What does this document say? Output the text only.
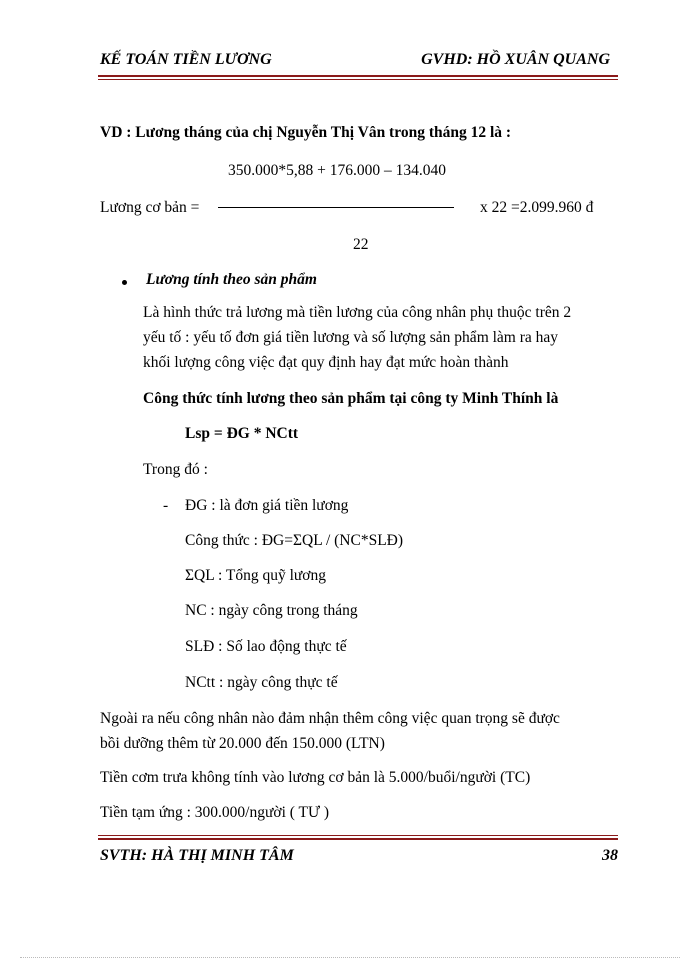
KẾ TOÁN TIỀN LƯƠNG	GVHD: HỒ XUÂN QUANG
VD : Lương tháng của chị Nguyễn Thị Vân trong tháng 12 là :
350.000*5,88 + 176.000 – 134.040
Lương cơ bản =	x 22 =2.099.960 đ
22
Lương tính theo sản phẩm
Là hình thức trả lương mà tiền lương của công nhân phụ thuộc trên 2
yếu tố : yếu tố đơn giá tiền lương và số lượng sản phẩm làm ra hay
khối lượng công việc đạt quy định hay đạt mức hoàn thành
Công thức tính lương theo sản phẩm tại công ty Minh Thính là
Lsp = ĐG * NCtt
Trong đó :
- ĐG : là đơn giá tiền lương
Công thức : ĐG=ΣQL / (NC*SLĐ)
ΣQL : Tổng quỹ lương
NC : ngày công trong tháng
SLĐ : Số lao động thực tế
NCtt : ngày công thực tế
Ngoài ra nếu công nhân nào đảm nhận thêm công việc quan trọng sẽ được
bồi dưỡng thêm từ 20.000 đến 150.000 (LTN)
Tiền cơm trưa không tính vào lương cơ bản là 5.000/buổi/người (TC)
Tiền tạm ứng : 300.000/người ( TƯ )
SVTH: HÀ THỊ MINH TÂM	38
